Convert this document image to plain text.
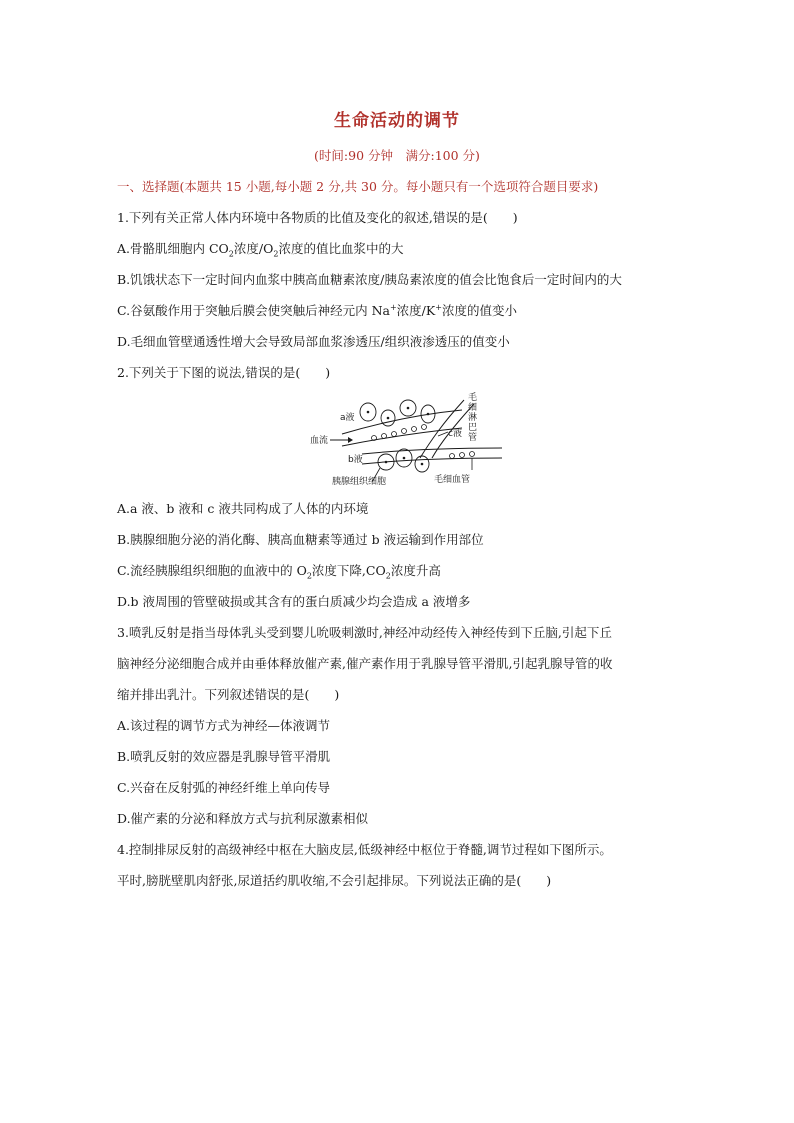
生命活动的调节
(时间:90 分钟　满分:100 分)
一、选择题(本题共 15 小题,每小题 2 分,共 30 分。每小题只有一个选项符合题目要求)
1.下列有关正常人体内环境中各物质的比值及变化的叙述,错误的是(　　)
A.骨骼肌细胞内 $CO_2$浓度$/O_2$浓度的值比血浆中的大
B.饥饿状态下一定时间内血浆中胰高血糖素浓度/胰岛素浓度的值会比饱食后一定时间内的大
C.谷氨酸作用于突触后膜会使突触后神经元内 Na+浓度/K+浓度的值变小
D.毛细血管壁通透性增大会导致局部血浆渗透压/组织液渗透压的值变小
2.下列关于下图的说法,错误的是(　　)
a液
血流
b液
c液
毛
细
淋
巴
管
胰腺组织细胞	毛细血管
A.a 液、b 液和 c 液共同构成了人体的内环境
B.胰腺细胞分泌的消化酶、胰高血糖素等通过 b 液运输到作用部位
C.流经胰腺组织细胞的血液中的 $O_2$浓度下降$,CO_2$浓度升高
D.b 液周围的管壁破损或其含有的蛋白质减少均会造成 a 液增多
3.喷乳反射是指当母体乳头受到婴儿吮吸刺激时,神经冲动经传入神经传到下丘脑,引起下丘
脑神经分泌细胞合成并由垂体释放催产素,催产素作用于乳腺导管平滑肌,引起乳腺导管的收
缩并排出乳汁。下列叙述错误的是(　　)
A.该过程的调节方式为神经—体液调节
B.喷乳反射的效应器是乳腺导管平滑肌
C.兴奋在反射弧的神经纤维上单向传导
D.催产素的分泌和释放方式与抗利尿激素相似
4.控制排尿反射的高级神经中枢在大脑皮层,低级神经中枢位于脊髓,调节过程如下图所示。
平时,膀胱壁肌肉舒张,尿道括约肌收缩,不会引起排尿。下列说法正确的是(　　)
